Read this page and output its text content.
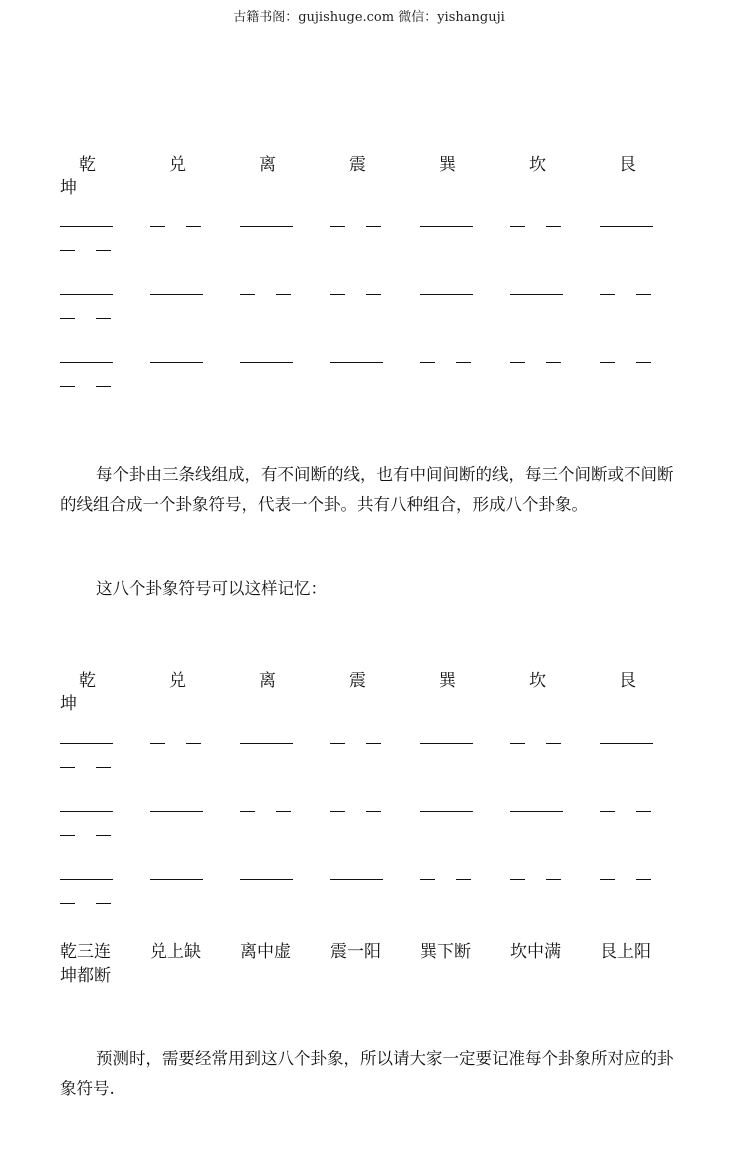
古籍书阁：gujishuge.com 微信：yishanguji
乾	兑	离	震	巽	坎	艮
坤
每个卦由三条线组成，有不间断的线，也有中间间断的线，每三个间断或不间断的线组合成一个卦象符号，代表一个卦。共有八种组合，形成八个卦象。
这八个卦象符号可以这样记忆：
乾	兑	离	震	巽	坎	艮
坤
乾三连 兑上缺 离中虚 震一阳 巽下断 坎中满 艮上阳
坤都断
预测时，需要经常用到这八个卦象，所以请大家一定要记准每个卦象所对应的卦象符号.
